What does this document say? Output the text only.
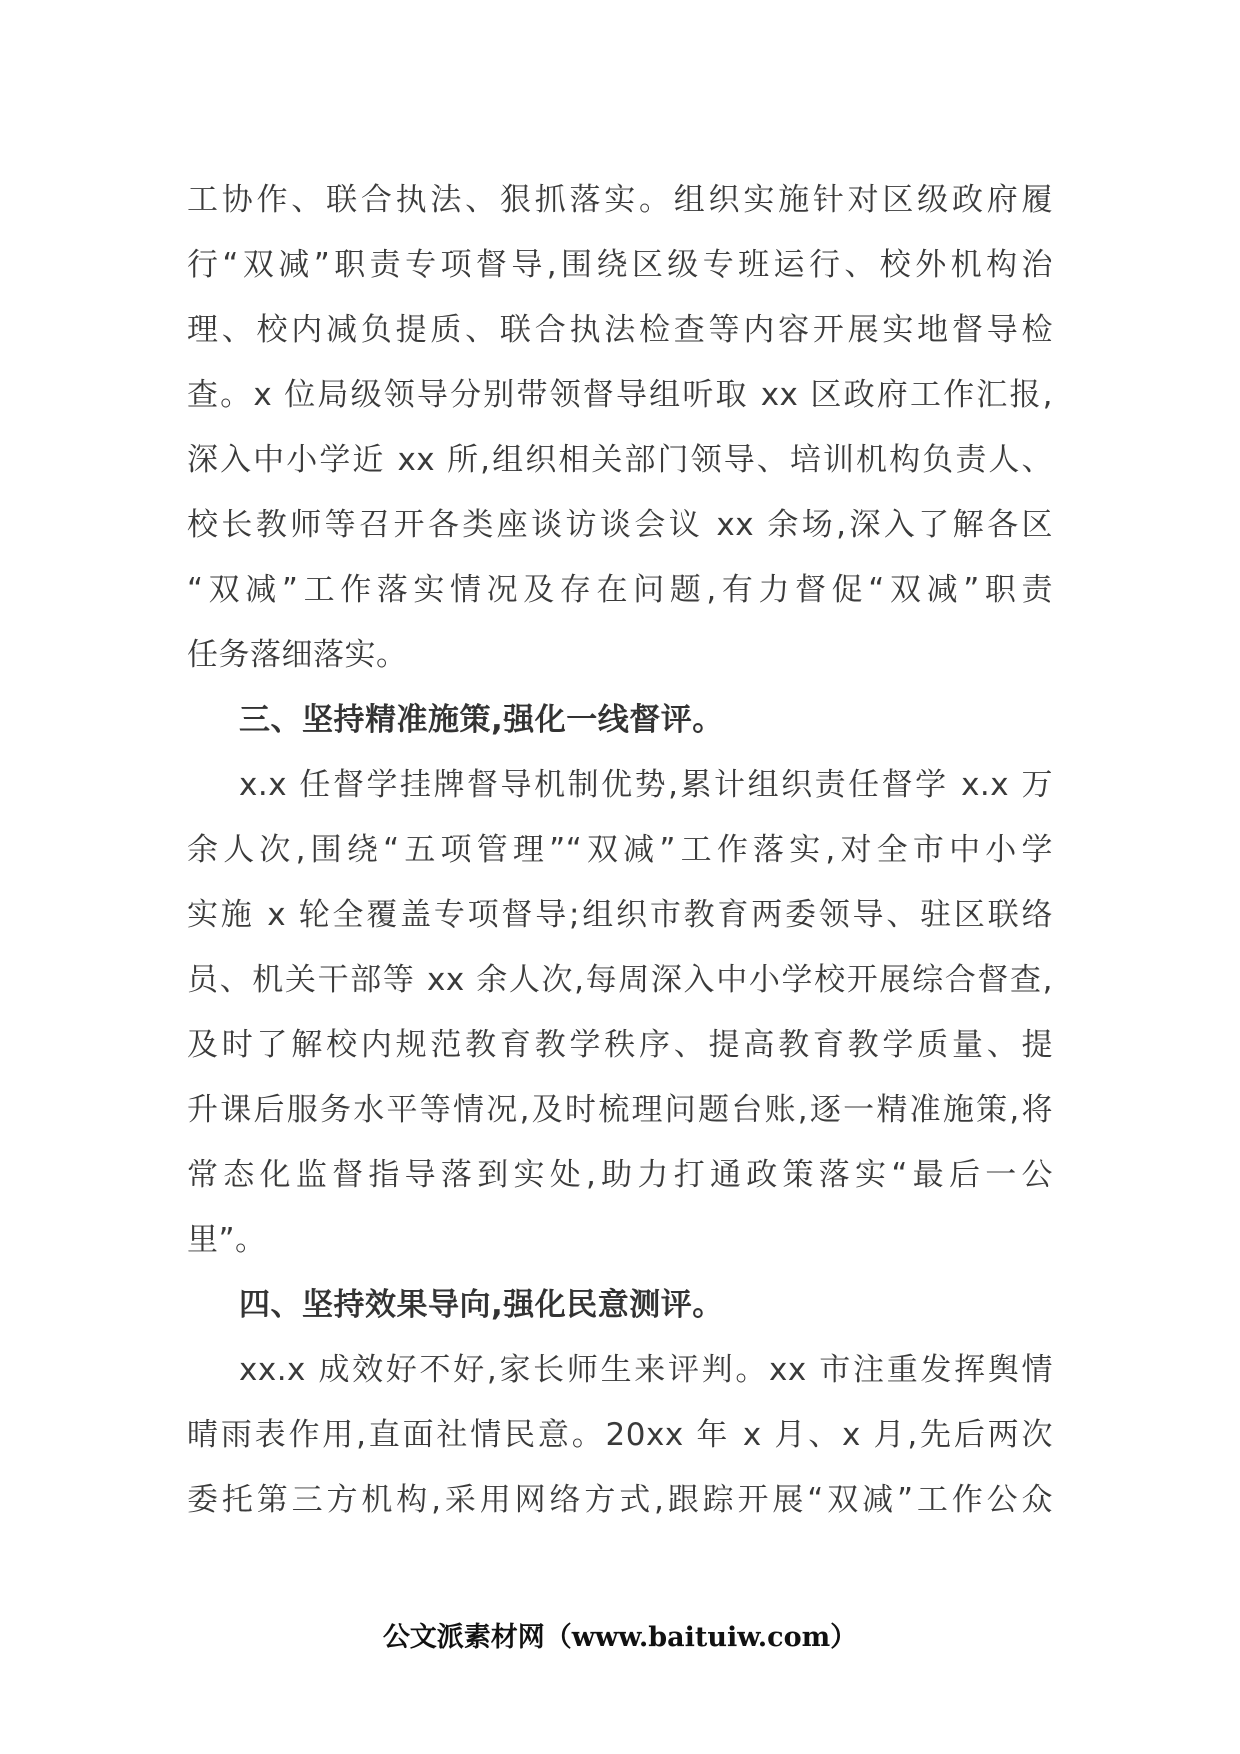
工协作、联合执法、狠抓落实。组织实施针对区级政府履
行“双减”职责专项督导,围绕区级专班运行、校外机构治
理、校内减负提质、联合执法检查等内容开展实地督导检
查。x 位局级领导分别带领督导组听取 xx 区政府工作汇报,
深入中小学近 xx 所,组织相关部门领导、培训机构负责人、
校长教师等召开各类座谈访谈会议 xx 余场,深入了解各区
“双减”工作落实情况及存在问题,有力督促“双减”职责
任务落细落实。
三、坚持精准施策,强化一线督评。
x.x 任督学挂牌督导机制优势,累计组织责任督学 x.x 万
余人次,围绕“五项管理”“双减”工作落实,对全市中小学
实施 x 轮全覆盖专项督导;组织市教育两委领导、驻区联络
员、机关干部等 xx 余人次,每周深入中小学校开展综合督查,
及时了解校内规范教育教学秩序、提高教育教学质量、提
升课后服务水平等情况,及时梳理问题台账,逐一精准施策,将
常态化监督指导落到实处,助力打通政策落实“最后一公
里”。
四、坚持效果导向,强化民意测评。
xx.x 成效好不好,家长师生来评判。xx 市注重发挥舆情
晴雨表作用,直面社情民意。20xx 年 x 月、x 月,先后两次
委托第三方机构,采用网络方式,跟踪开展“双减”工作公众
公文派素材网（www.baituiw.com）
